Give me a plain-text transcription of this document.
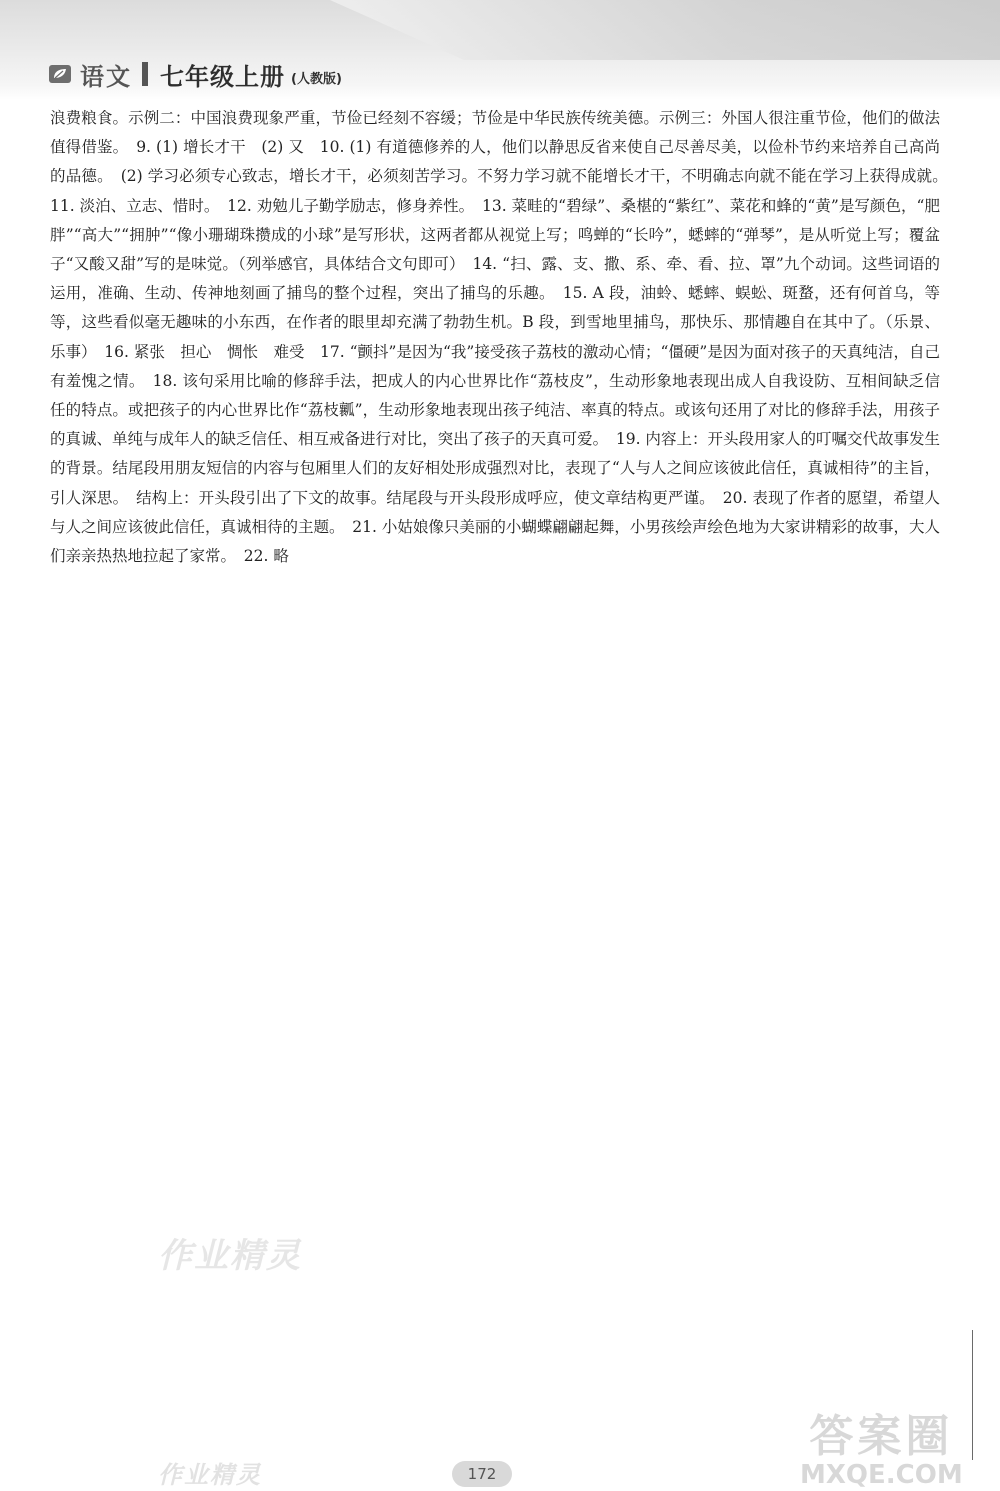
语文 七年级上册 (人教版)
浪费粮食。示例二：中国浪费现象严重，节俭已经刻不容缓；节俭是中华民族传统美德。示例三：外国人很注重节俭，他们的做法值得借鉴。　9. (1) 增长才干　(2) 又　10. (1) 有道德修养的人，他们以静思反省来使自己尽善尽美，以俭朴节约来培养自己高尚的品德。　(2) 学习必须专心致志，增长才干，必须刻苦学习。不努力学习就不能增长才干，不明确志向就不能在学习上获得成就。　11. 淡泊、立志、惜时。　12. 劝勉儿子勤学励志，修身养性。　13. 菜畦的“碧绿”、桑椹的“紫红”、菜花和蜂的“黄”是写颜色，“肥胖”“高大”“拥肿”“像小珊瑚珠攒成的小球”是写形状，这两者都从视觉上写；鸣蝉的“长吟”，蟋蟀的“弹琴”，是从听觉上写；覆盆子“又酸又甜”写的是味觉。（列举感官，具体结合文句即可）　14. “扫、露、支、撒、系、牵、看、拉、罩”九个动词。这些词语的运用，准确、生动、传神地刻画了捕鸟的整个过程，突出了捕鸟的乐趣。　15. A 段，油蛉、蟋蟀、蜈蚣、斑蝥，还有何首乌，等等，这些看似毫无趣味的小东西，在作者的眼里却充满了勃勃生机。B 段，到雪地里捕鸟，那快乐、那情趣自在其中了。（乐景、乐事）　16. 紧张　担心　惆怅　难受　17. “颤抖”是因为“我”接受孩子荔枝的激动心情；“僵硬”是因为面对孩子的天真纯洁，自己有羞愧之情。　18. 该句采用比喻的修辞手法，把成人的内心世界比作“荔枝皮”，生动形象地表现出成人自我设防、互相间缺乏信任的特点。或把孩子的内心世界比作“荔枝瓤”，生动形象地表现出孩子纯洁、率真的特点。或该句还用了对比的修辞手法，用孩子的真诚、单纯与成年人的缺乏信任、相互戒备进行对比，突出了孩子的天真可爱。　19. 内容上：开头段用家人的叮嘱交代故事发生的背景。结尾段用朋友短信的内容与包厢里人们的友好相处形成强烈对比，表现了“人与人之间应该彼此信任，真诚相待”的主旨，引人深思。　结构上：开头段引出了下文的故事。结尾段与开头段形成呼应，使文章结构更严谨。　20. 表现了作者的愿望，希望人与人之间应该彼此信任，真诚相待的主题。　21. 小姑娘像只美丽的小蝴蝶翩翩起舞，小男孩绘声绘色地为大家讲精彩的故事，大人们亲亲热热地拉起了家常。　22. 略
作业精灵
作业精灵
答案圈
MXQE.COM
172
